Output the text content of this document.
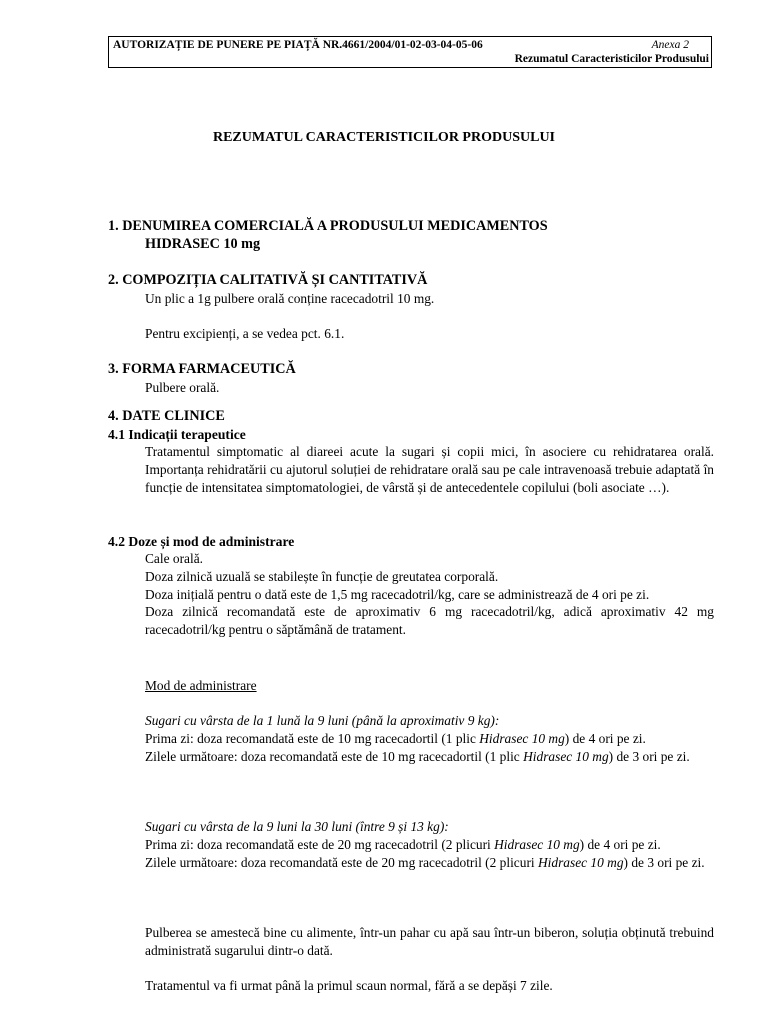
AUTORIZAȚIE DE PUNERE PE PIAȚĂ NR.4661/2004/01-02-03-04-05-06	Anexa 2
Rezumatul Caracteristicilor Produsului
REZUMATUL CARACTERISTICILOR PRODUSULUI
1. DENUMIREA COMERCIALĂ A PRODUSULUI MEDICAMENTOS
HIDRASEC 10 mg
2. COMPOZIȚIA CALITATIVĂ ȘI CANTITATIVĂ
Un plic a 1g pulbere orală conține racecadotril 10 mg.
Pentru excipienți, a se vedea pct. 6.1.
3. FORMA FARMACEUTICĂ
Pulbere orală.
4. DATE CLINICE
4.1 Indicații terapeutice

Tratamentul simptomatic al diareei acute la sugari și copii mici, în asociere cu rehidratarea orală. Importanța rehidratării cu ajutorul soluției de rehidratare orală sau pe cale intravenoasă trebuie adaptată în funcție de intensitatea simptomatologiei, de vârstă și de antecedentele copilului (boli asociate …).

4.2 Doze și mod de administrare

Cale orală.

Doza zilnică uzuală se stabilește în funcție de greutatea corporală.

Doza inițială pentru o dată este de 1,5 mg racecadotril/kg, care se administrează de 4 ori pe zi.

Doza zilnică recomandată este de aproximativ 6 mg racecadotril/kg, adică aproximativ 42 mg racecadotril/kg pentru o săptămână de tratament.

Mod de administrare

Sugari cu vârsta de la 1 lună la 9 luni (până la aproximativ 9 kg):

Prima zi: doza recomandată este de 10 mg racecadortil (1 plic Hidrasec 10 mg) de 4 ori pe zi.

Zilele următoare: doza recomandată este de 10 mg racecadortil (1 plic Hidrasec 10 mg) de 3 ori pe zi.

Sugari cu vârsta de la 9 luni la 30 luni (între 9 și 13 kg):

Prima zi: doza recomandată este de 20 mg racecadotril (2 plicuri Hidrasec 10 mg) de 4 ori pe zi.

Zilele următoare: doza recomandată este de 20 mg racecadotril (2 plicuri Hidrasec 10 mg) de 3 ori pe zi.

Pulberea se amestecă bine cu alimente, într-un pahar cu apă sau într-un biberon, soluția obținută trebuind administrată sugarului dintr-o dată.

Tratamentul va fi urmat până la primul scaun normal, fără a se depăși 7 zile.
